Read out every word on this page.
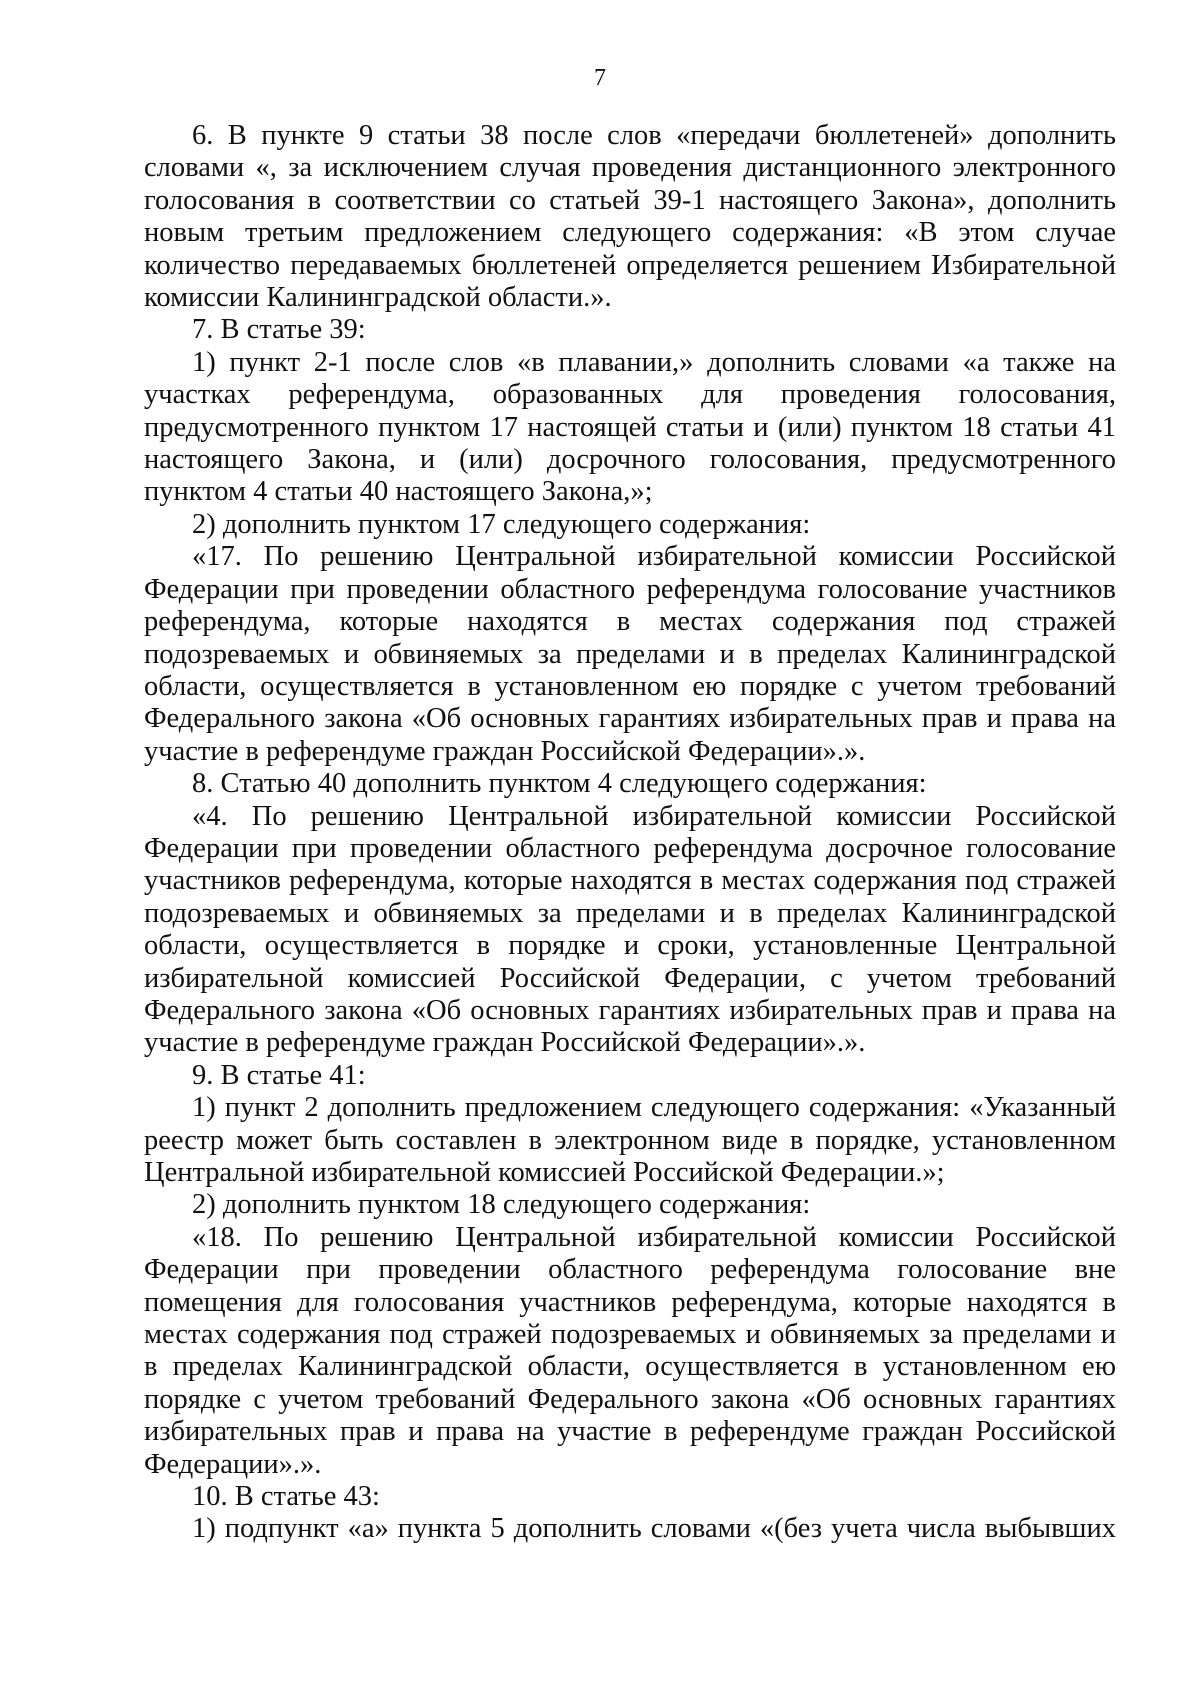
7

6. В пункте 9 статьи 38 после слов «передачи бюллетеней» дополнить словами «, за исключением случая проведения дистанционного электронного голосования в соответствии со статьей 39-1 настоящего Закона», дополнить новым третьим предложением следующего содержания: «В этом случае количество передаваемых бюллетеней определяется решением Избирательной комиссии Калининградской области.».

7. В статье 39:

1) пункт 2-1 после слов «в плавании,» дополнить словами «а также на участках референдума, образованных для проведения голосования, предусмотренного пунктом 17 настоящей статьи и (или) пунктом 18 статьи 41 настоящего Закона, и (или) досрочного голосования, предусмотренного пунктом 4 статьи 40 настоящего Закона,»;

2) дополнить пунктом 17 следующего содержания:

«17. По решению Центральной избирательной комиссии Российской Федерации при проведении областного референдума голосование участников референдума, которые находятся в местах содержания под стражей подозреваемых и обвиняемых за пределами и в пределах Калининградской области, осуществляется в установленном ею порядке с учетом требований Федерального закона «Об основных гарантиях избирательных прав и права на участие в референдуме граждан Российской Федерации».».

8. Статью 40 дополнить пунктом 4 следующего содержания:

«4. По решению Центральной избирательной комиссии Российской Федерации при проведении областного референдума досрочное голосование участников референдума, которые находятся в местах содержания под стражей подозреваемых и обвиняемых за пределами и в пределах Калининградской области, осуществляется в порядке и сроки, установленные Центральной избирательной комиссией Российской Федерации, с учетом требований Федерального закона «Об основных гарантиях избирательных прав и права на участие в референдуме граждан Российской Федерации».».

9. В статье 41:

1) пункт 2 дополнить предложением следующего содержания: «Указанный реестр может быть составлен в электронном виде в порядке, установленном Центральной избирательной комиссией Российской Федерации.»;

2) дополнить пунктом 18 следующего содержания:

«18. По решению Центральной избирательной комиссии Российской Федерации при проведении областного референдума голосование вне помещения для голосования участников референдума, которые находятся в местах содержания под стражей подозреваемых и обвиняемых за пределами и в пределах Калининградской области, осуществляется в установленном ею порядке с учетом требований Федерального закона «Об основных гарантиях избирательных прав и права на участие в референдуме граждан Российской Федерации».».

10. В статье 43:

1) подпункт «а» пункта 5 дополнить словами «(без учета числа выбывших
